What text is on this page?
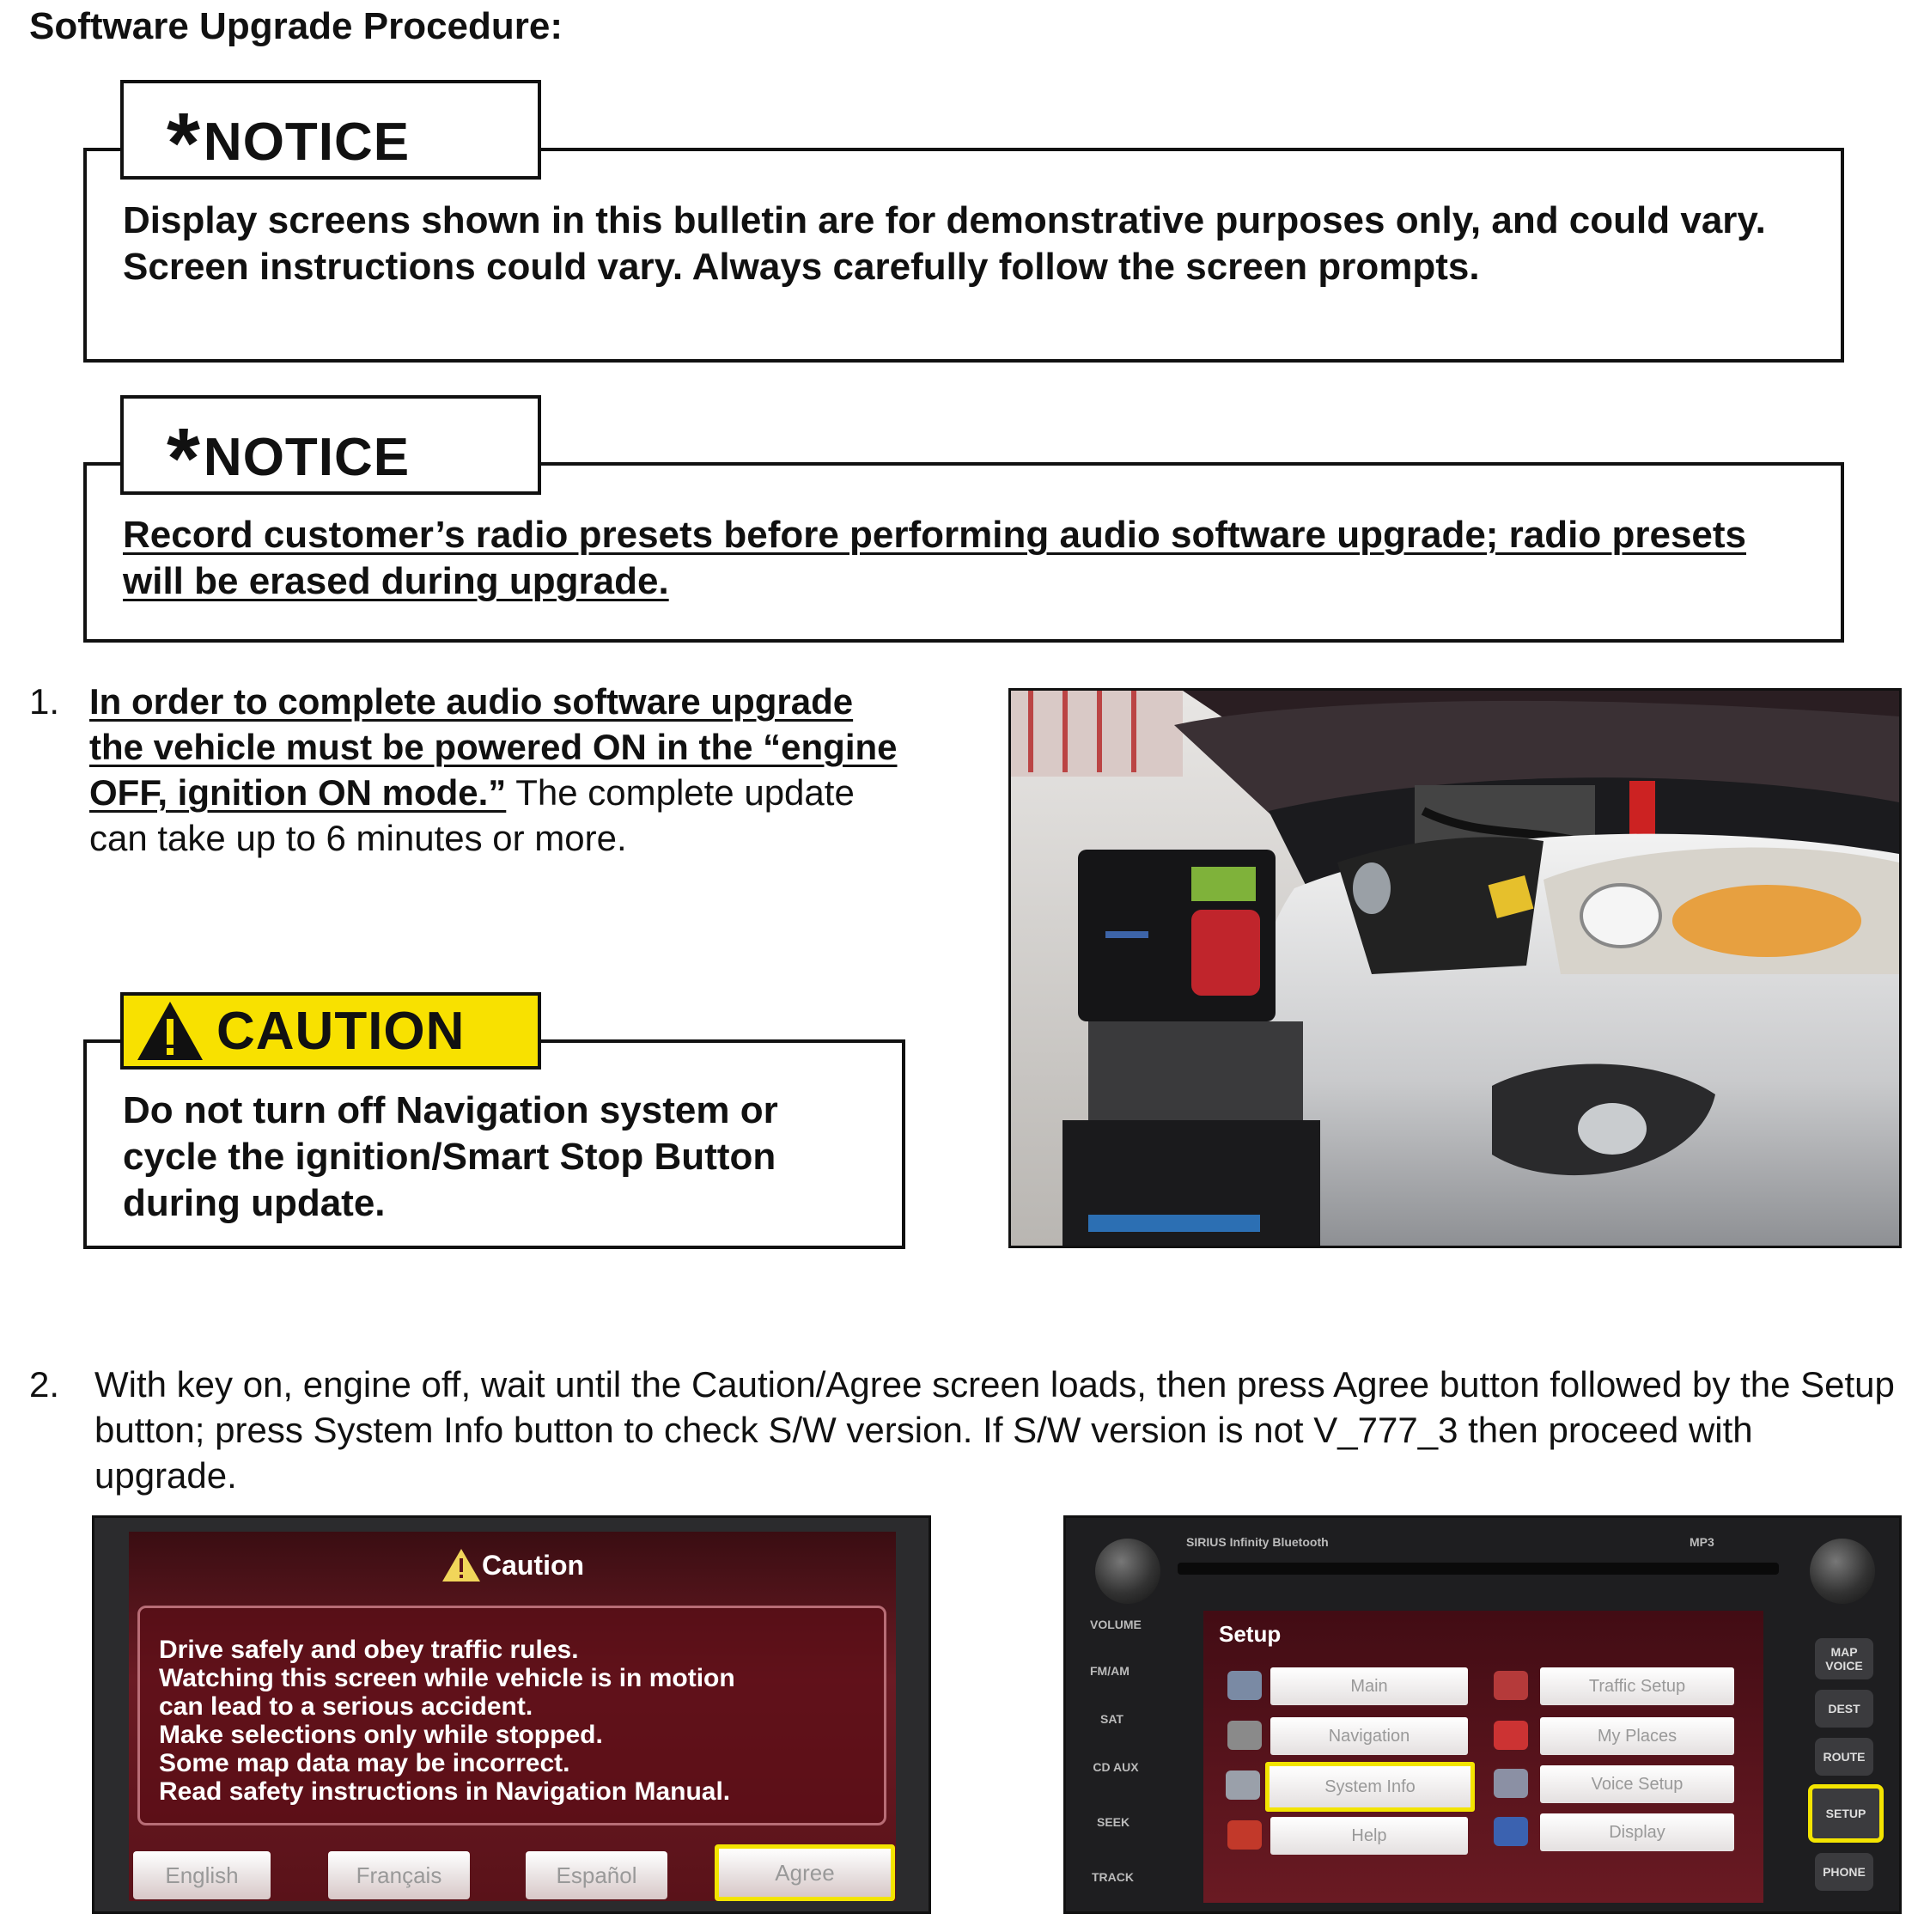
Software Upgrade Procedure:
Display screens shown in this bulletin are for demonstrative purposes only, and could vary. Screen instructions could vary. Always carefully follow the screen prompts.
* NOTICE
Record customer’s radio presets before performing audio software upgrade; radio presets will be erased during upgrade.
* NOTICE
1. In order to complete audio software upgrade the vehicle must be powered ON in the “engine OFF, ignition ON mode.” The complete update can take up to 6 minutes or more.
Do not turn off Navigation system or cycle the ignition/Smart Stop Button during update.
CAUTION
2. With key on, engine off, wait until the Caution/Agree screen loads, then press Agree button followed by the Setup button; press System Info button to check S/W version. If S/W version is not V_777_3 then proceed with upgrade.
Caution
Drive safely and obey traffic rules.
Watching this screen while vehicle is in motion
can lead to a serious accident.
Make selections only while stopped.
Some map data may be incorrect.
Read safety instructions in Navigation Manual.
English	Français	Español	Agree
SIRIUS Infinity Bluetooth	MP3
VOLUME
FM/AM
SAT
CD AUX
SEEK
TRACK
Setup
Main
Navigation
System Info
Help
Traffic Setup
My Places
Voice Setup
Display
MAP VOICE
DEST
ROUTE
SETUP
PHONE
